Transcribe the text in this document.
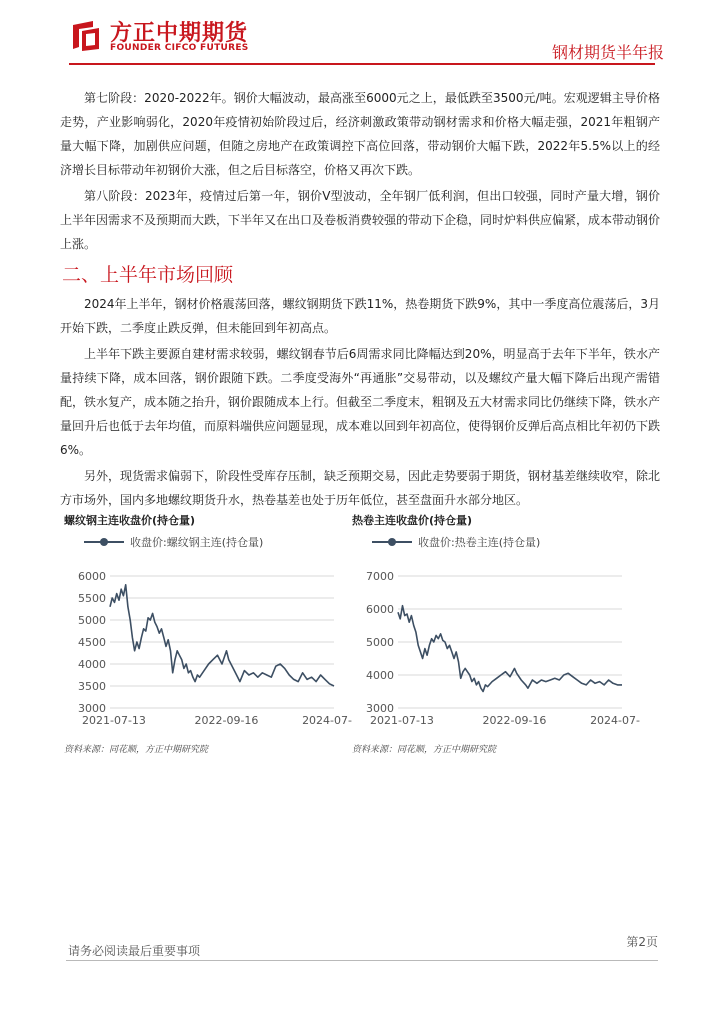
方正中期期货
FOUNDER CIFCO FUTURES	钢材期货半年报

第七阶段：2020-2022年。钢价大幅波动，最高涨至6000元之上，最低跌至3500元/吨。宏观逻辑主导价格走势，产业影响弱化，2020年疫情初始阶段过后，经济刺激政策带动钢材需求和价格大幅走强，2021年粗钢产量大幅下降，加剧供应问题，但随之房地产在政策调控下高位回落，带动钢价大幅下跌，2022年5.5%以上的经济增长目标带动年初钢价大涨，但之后目标落空，价格又再次下跌。

第八阶段：2023年，疫情过后第一年，钢价V型波动，全年钢厂低利润，但出口较强，同时产量大增，钢价上半年因需求不及预期而大跌，下半年又在出口及卷板消费较强的带动下企稳，同时炉料供应偏紧，成本带动钢价上涨。

二、上半年市场回顾

2024年上半年，钢材价格震荡回落，螺纹钢期货下跌11%，热卷期货下跌9%，其中一季度高位震荡后，3月开始下跌，二季度止跌反弹，但未能回到年初高点。

上半年下跌主要源自建材需求较弱，螺纹钢春节后6周需求同比降幅达到20%，明显高于去年下半年，铁水产量持续下降，成本回落，钢价跟随下跌。二季度受海外“再通胀”交易带动，以及螺纹产量大幅下降后出现产需错配，铁水复产，成本随之抬升，钢价跟随成本上行。但截至二季度末，粗钢及五大材需求同比仍继续下降，铁水产量回升后也低于去年均值，而原料端供应问题显现，成本难以回到年初高位，使得钢价反弹后高点相比年初仍下跌6%。

另外，现货需求偏弱下，阶段性受库存压制，缺乏预期交易，因此走势要弱于期货，钢材基差继续收窄，除北方市场外，国内多地螺纹期货升水，热卷基差也处于历年低位，甚至盘面升水部分地区。

螺纹钢主连收盘价(持仓量)
收盘价:螺纹钢主连(持仓量)
3000
3500
4000
4500
5000
5500
6000
2021-07-13	2022-09-16	2024-07-
资料来源：同花顺，方正中期研究院
热卷主连收盘价(持仓量)
收盘价:热卷主连(持仓量)
3000
4000
5000
6000
7000
2021-07-13	2022-09-16	2024-07-
资料来源：同花顺，方正中期研究院
第2页
请务必阅读最后重要事项
